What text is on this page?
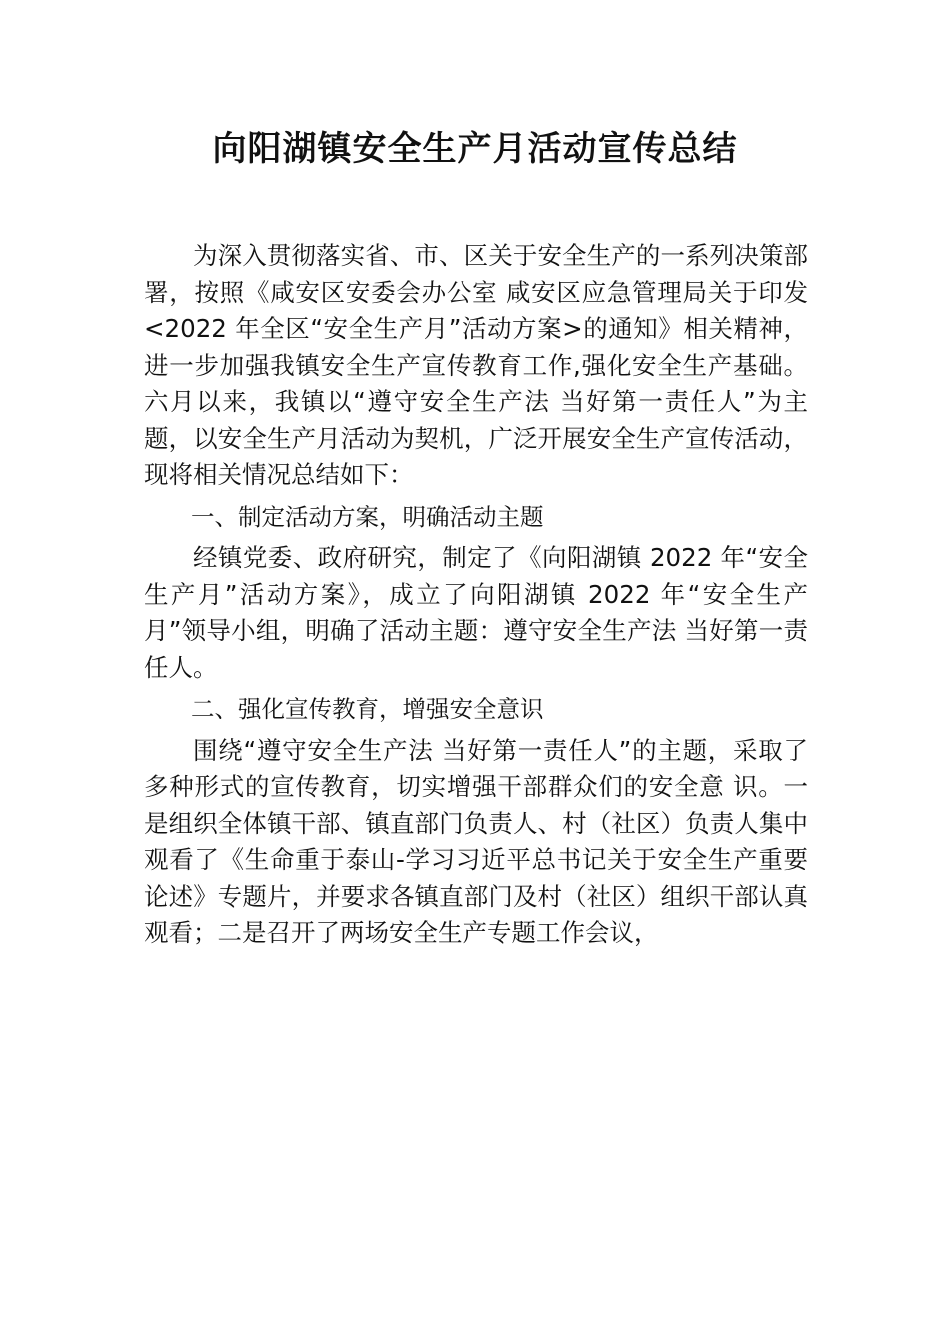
向阳湖镇安全生产月活动宣传总结

为深入贯彻落实省、市、区关于安全生产的一系列决策部署，按照《咸安区安委会办公室 咸安区应急管理局关于印发<2022 年全区“安全生产月”活动方案>的通知》相关精神，进一步加强我镇安全生产宣传教育工作,强化安全生产基础。六月以来，我镇以“遵守安全生产法 当好第一责任人”为主题，以安全生产月活动为契机，广泛开展安全生产宣传活动，现将相关情况总结如下：

一、制定活动方案，明确活动主题

经镇党委、政府研究，制定了《向阳湖镇 2022 年“安全生产月”活动方案》，成立了向阳湖镇 2022 年“安全生产月”领导小组，明确了活动主题：遵守安全生产法 当好第一责任人。

二、强化宣传教育，增强安全意识

围绕“遵守安全生产法 当好第一责任人”的主题，采取了多种形式的宣传教育，切实增强干部群众们的安全意 识。一是组织全体镇干部、镇直部门负责人、村（社区）负责人集中观看了《生命重于泰山-学习习近平总书记关于安全生产重要论述》专题片，并要求各镇直部门及村（社区）组织干部认真观看；二是召开了两场安全生产专题工作会议，
